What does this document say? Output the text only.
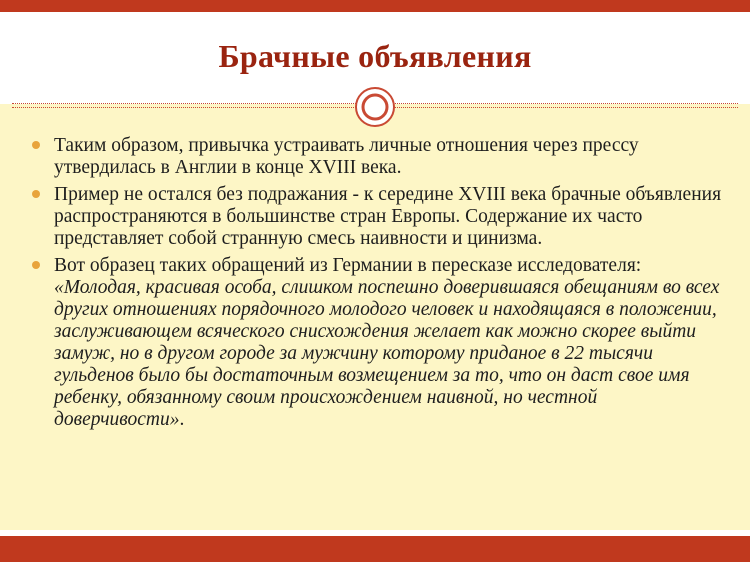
Брачные объявления
Таким образом, привычка устраивать личные отношения через прессу утвердилась в Англии в конце XVIII века.
Пример не остался без подражания - к середине XVIII века брачные объявления распространяются в большинстве стран Европы. Содержание их часто представляет собой странную смесь наивности и цинизма.
Вот образец таких обращений из Германии в пересказе исследователя: «Молодая, красивая особа, слишком поспешно доверившаяся обещаниям во всех других отношениях порядочного молодого человек и находящаяся в положении, заслуживающем всяческого снисхождения желает как можно скорее выйти замуж, но в другом городе за мужчину которому приданое в 22 тысячи гульденов было бы достаточным возмещением за то, что он даст свое имя ребенку, обязанному своим происхождением наивной, но честной доверчивости».
